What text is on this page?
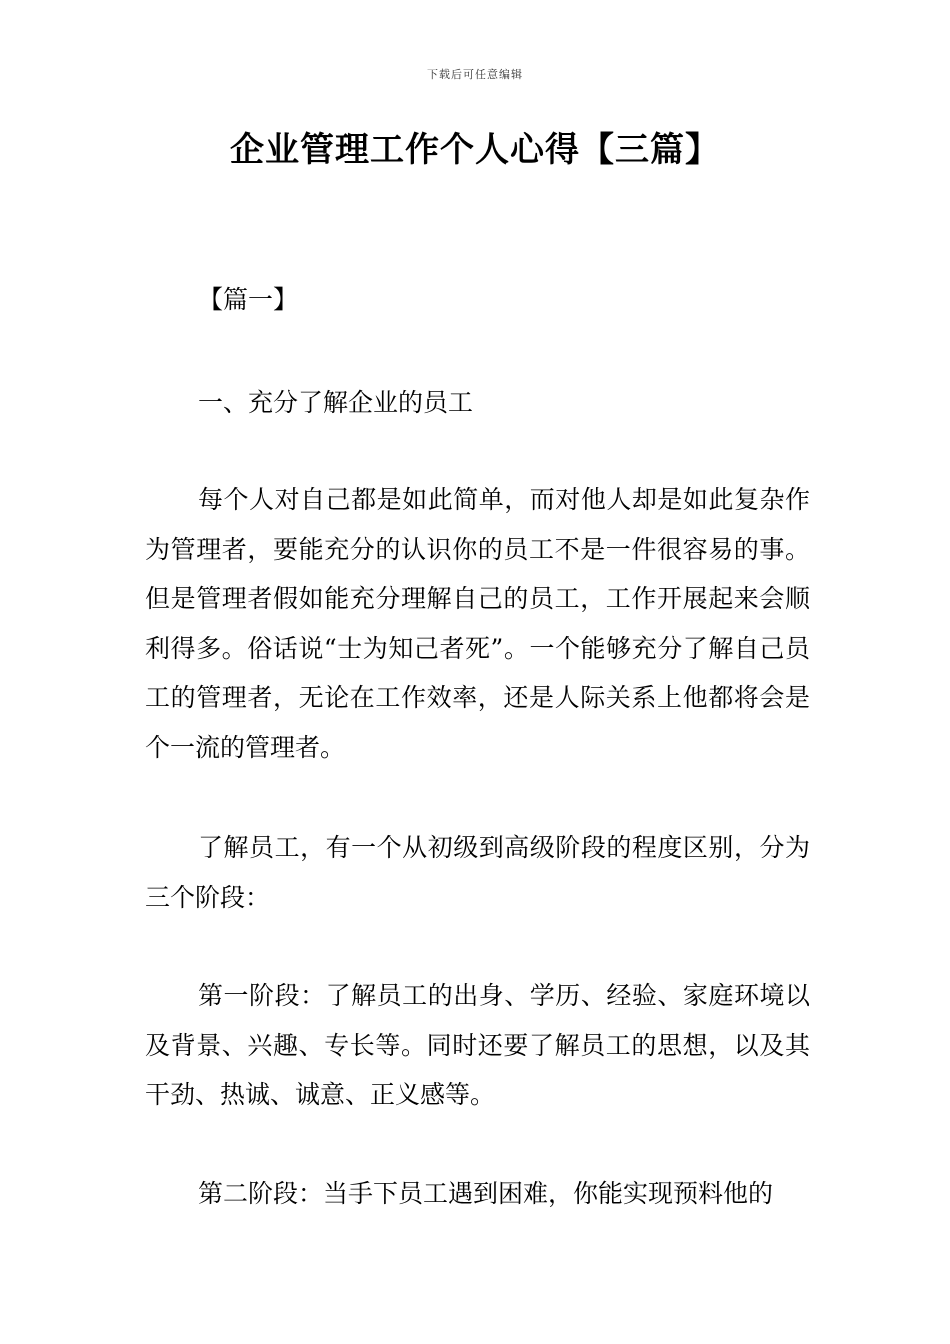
下载后可任意编辑
企业管理工作个人心得【三篇】

【篇一】

一、充分了解企业的员工

每个人对自己都是如此简单，而对他人却是如此复杂作为管理者，要能充分的认识你的员工不是一件很容易的事。但是管理者假如能充分理解自己的员工，工作开展起来会顺利得多。俗话说“士为知己者死”。一个能够充分了解自己员工的管理者，无论在工作效率，还是人际关系上他都将会是个一流的管理者。

了解员工，有一个从初级到高级阶段的程度区别，分为三个阶段：

第一阶段：了解员工的出身、学历、经验、家庭环境以及背景、兴趣、专长等。同时还要了解员工的思想，以及其干劲、热诚、诚意、正义感等。

第二阶段：当手下员工遇到困难，你能实现预料他的
